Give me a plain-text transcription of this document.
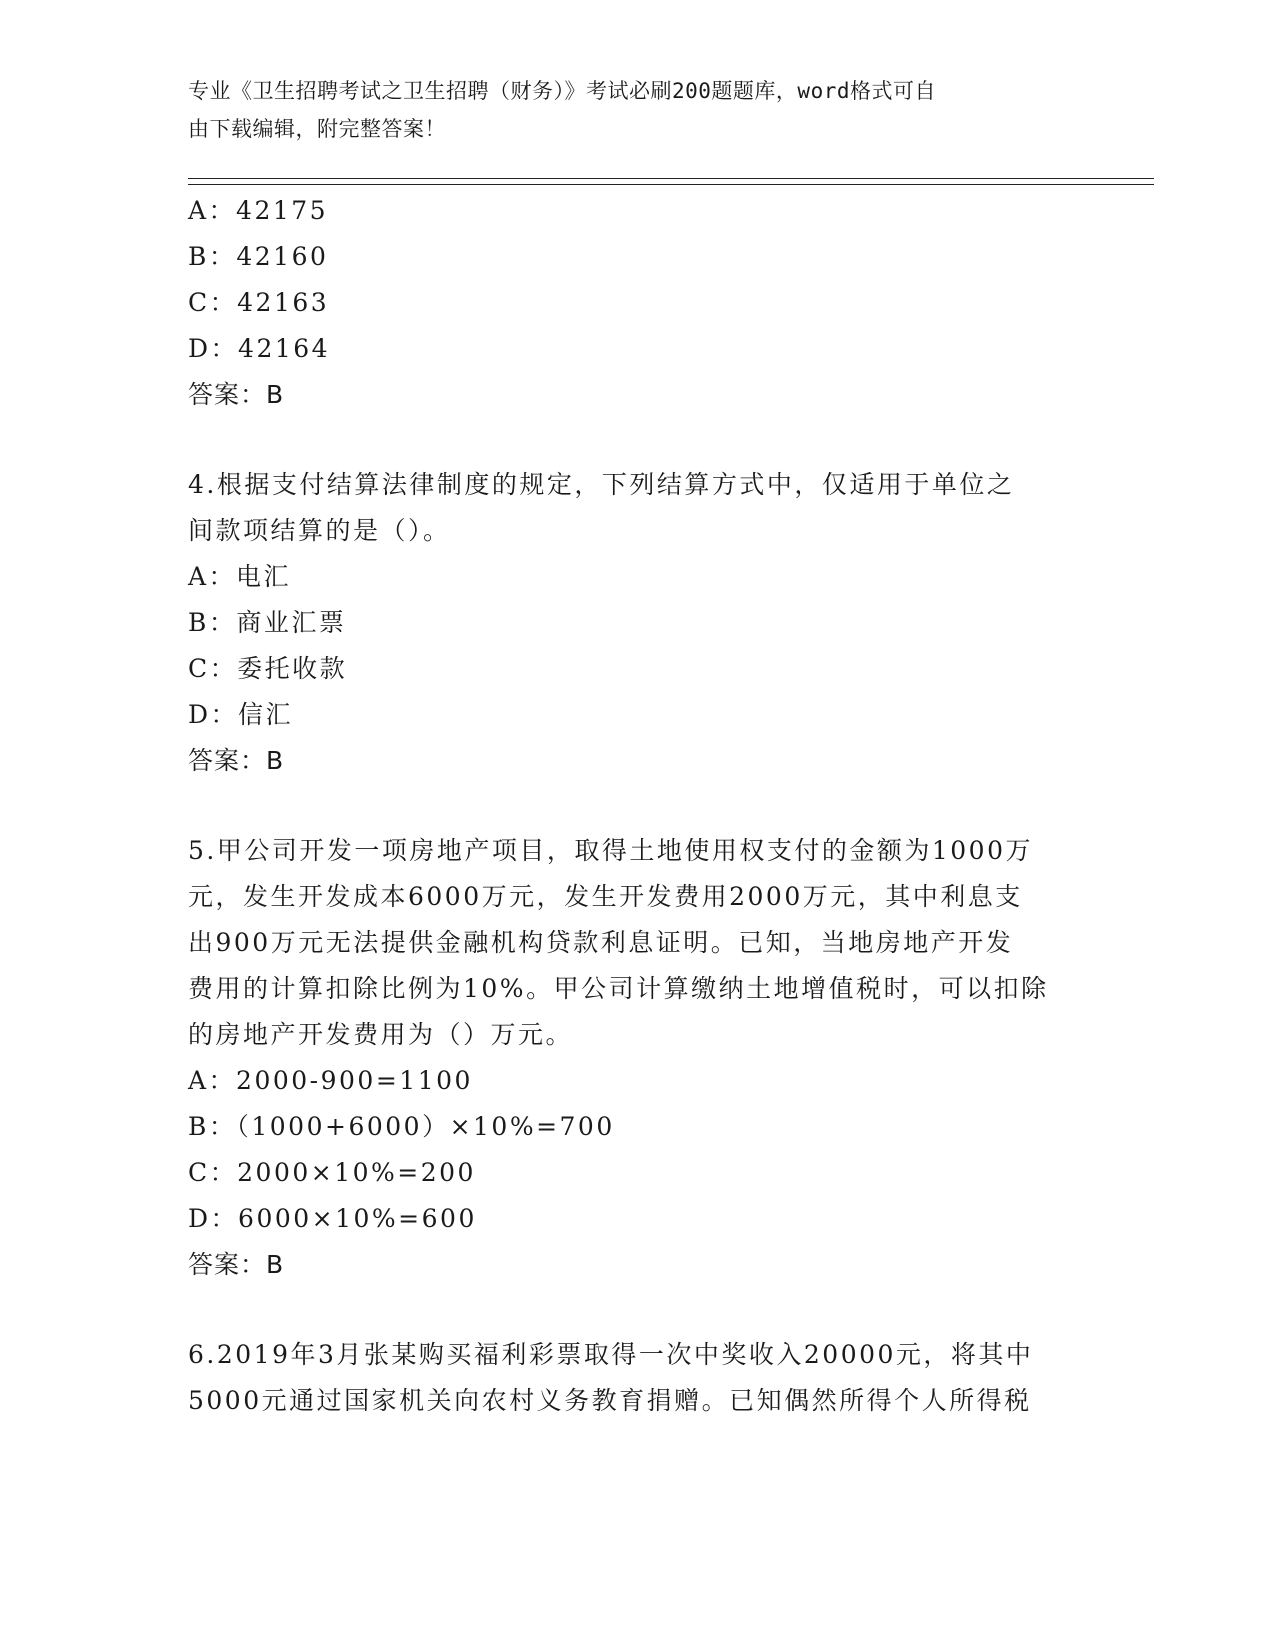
专业《卫生招聘考试之卫生招聘（财务）》考试必刷200题题库，word格式可自
由下载编辑，附完整答案！
A：42175
B：42160
C：42163
D：42164
答案：B
4.根据支付结算法律制度的规定，下列结算方式中，仅适用于单位之
间款项结算的是（）。
A：电汇
B：商业汇票
C：委托收款
D：信汇
答案：B
5.甲公司开发一项房地产项目，取得土地使用权支付的金额为1000万
元，发生开发成本6000万元，发生开发费用2000万元，其中利息支
出900万元无法提供金融机构贷款利息证明。已知，当地房地产开发
费用的计算扣除比例为10%。甲公司计算缴纳土地增值税时，可以扣除
的房地产开发费用为（）万元。
A：2000-900=1100
B：（1000+6000）×10%=700
C：2000×10%=200
D：6000×10%=600
答案：B
6.2019年3月张某购买福利彩票取得一次中奖收入20000元，将其中
5000元通过国家机关向农村义务教育捐赠。已知偶然所得个人所得税
